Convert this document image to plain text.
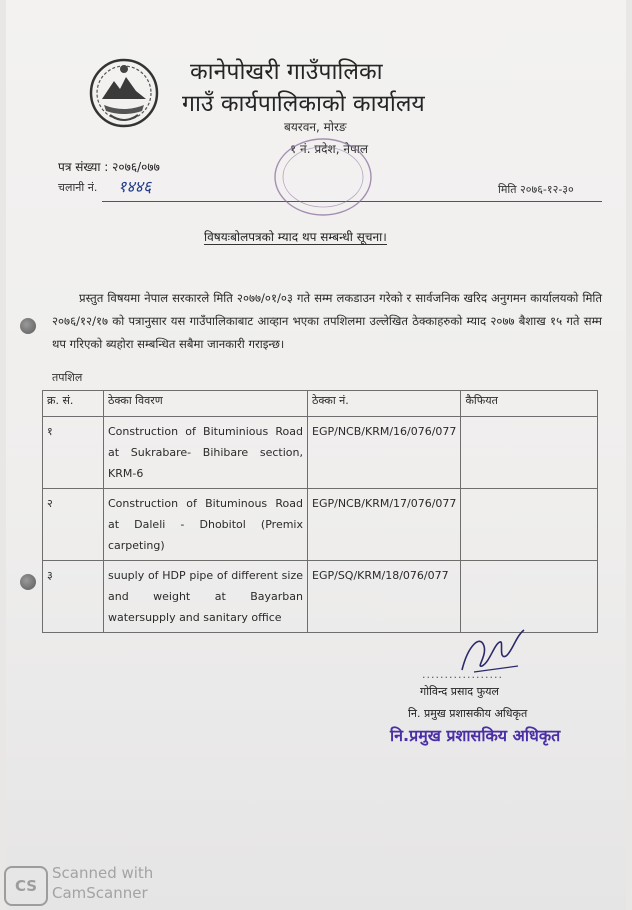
कानेपोखरी गाउँपालिका
गाउँ कार्यपालिकाको कार्यालय
बयरवन, मोरङ
१ नं. प्रदेश, नेपाल
पत्र संख्या : २०७६/०७७
चलानी नं. १४४६	मिति २०७६-१२-३०
विषयःबोलपत्रको म्याद थप सम्बन्धी सूचना।

प्रस्तुत विषयमा नेपाल सरकारले मिति २०७७/०१/०३ गते सम्म लकडाउन गरेको र सार्वजनिक खरिद अनुगमन कार्यालयको मिति २०७६/१२/१७ को पत्रानुसार यस गाउँपालिकाबाट आव्हान भएका तपशिलमा उल्लेखित ठेक्काहरुको म्याद २०७७ बैशाख १५ गते सम्म थप गरिएको ब्यहोरा सम्बन्धित सबैमा जानकारी गराइन्छ।

तपशिल
क्र. सं.	ठेक्का विवरण	ठेक्का नं.	कैफियत
१	Construction of Bituminious Road at Sukrabare- Bihibare section, KRM-6	EGP/NCB/KRM/16/076/077	
२	Construction of Bituminous Road at Daleli - Dhobitol (Premix carpeting)	EGP/NCB/KRM/17/076/077	
३	suuply of HDP pipe of different size and weight at Bayarban watersupply and sanitary office	EGP/SQ/KRM/18/076/077	
..................
गोविन्द प्रसाद फुयल
नि. प्रमुख प्रशासकीय अधिकृत
नि.प्रमुख प्रशासकिय अधिकृत
CS
Scanned with
CamScanner
